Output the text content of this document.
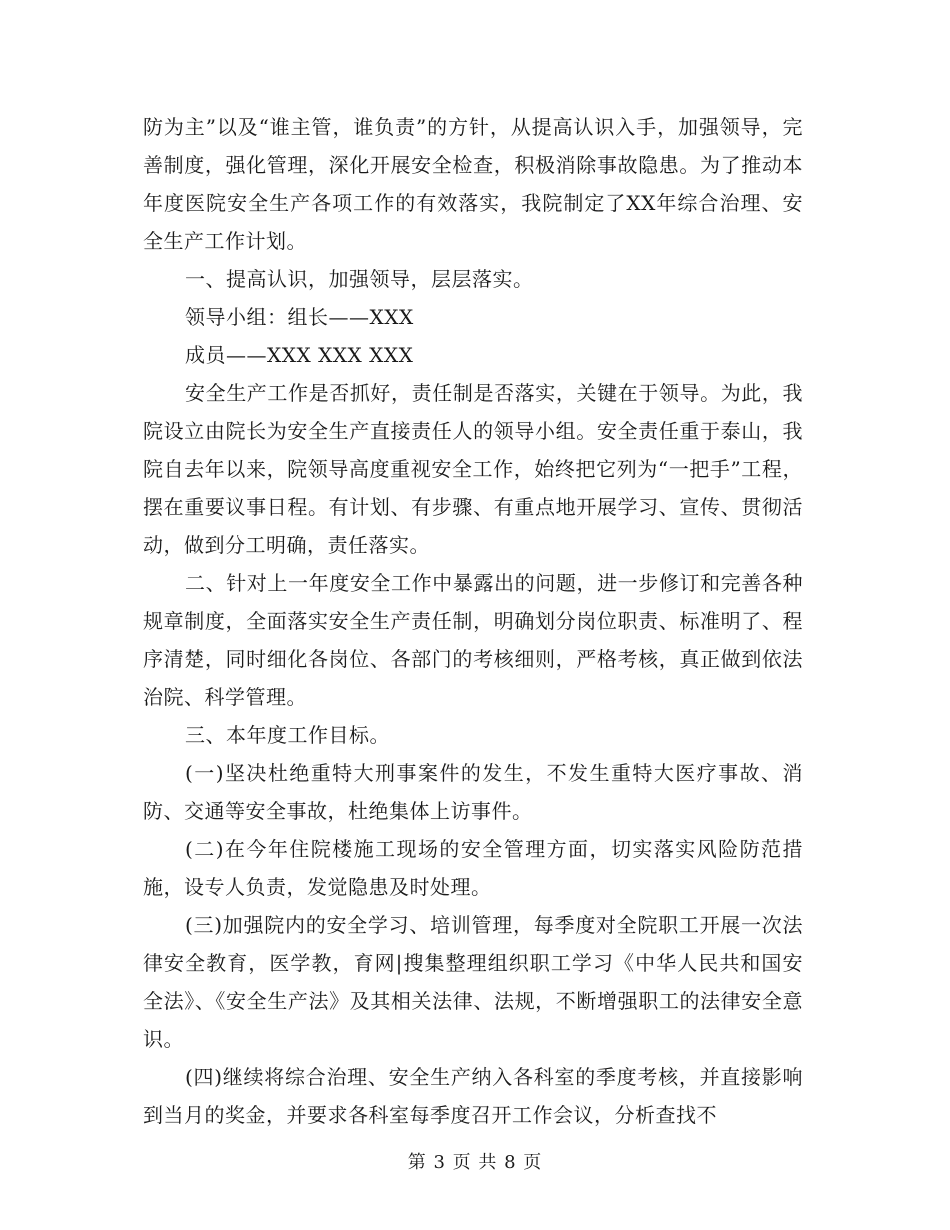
防为主”以及“谁主管，谁负责”的方针，从提高认识入手，加强领导，完善制度，强化管理，深化开展安全检查，积极消除事故隐患。为了推动本年度医院安全生产各项工作的有效落实，我院制定了XX年综合治理、安全生产工作计划。

一、提高认识，加强领导，层层落实。

领导小组：组长——XXX

成员——XXX XXX XXX

安全生产工作是否抓好，责任制是否落实，关键在于领导。为此，我院设立由院长为安全生产直接责任人的领导小组。安全责任重于泰山，我院自去年以来，院领导高度重视安全工作，始终把它列为“一把手”工程，摆在重要议事日程。有计划、有步骤、有重点地开展学习、宣传、贯彻活动，做到分工明确，责任落实。

二、针对上一年度安全工作中暴露出的问题，进一步修订和完善各种规章制度，全面落实安全生产责任制，明确划分岗位职责、标准明了、程序清楚，同时细化各岗位、各部门的考核细则，严格考核，真正做到依法治院、科学管理。

三、本年度工作目标。

(一)坚决杜绝重特大刑事案件的发生，不发生重特大医疗事故、消防、交通等安全事故，杜绝集体上访事件。

(二)在今年住院楼施工现场的安全管理方面，切实落实风险防范措施，设专人负责，发觉隐患及时处理。

(三)加强院内的安全学习、培训管理，每季度对全院职工开展一次法律安全教育，医学教，育网|搜集整理组织职工学习《中华人民共和国安全法》、《安全生产法》及其相关法律、法规，不断增强职工的法律安全意识。

(四)继续将综合治理、安全生产纳入各科室的季度考核，并直接影响到当月的奖金，并要求各科室每季度召开工作会议，分析查找不

第 3 页 共 8 页
